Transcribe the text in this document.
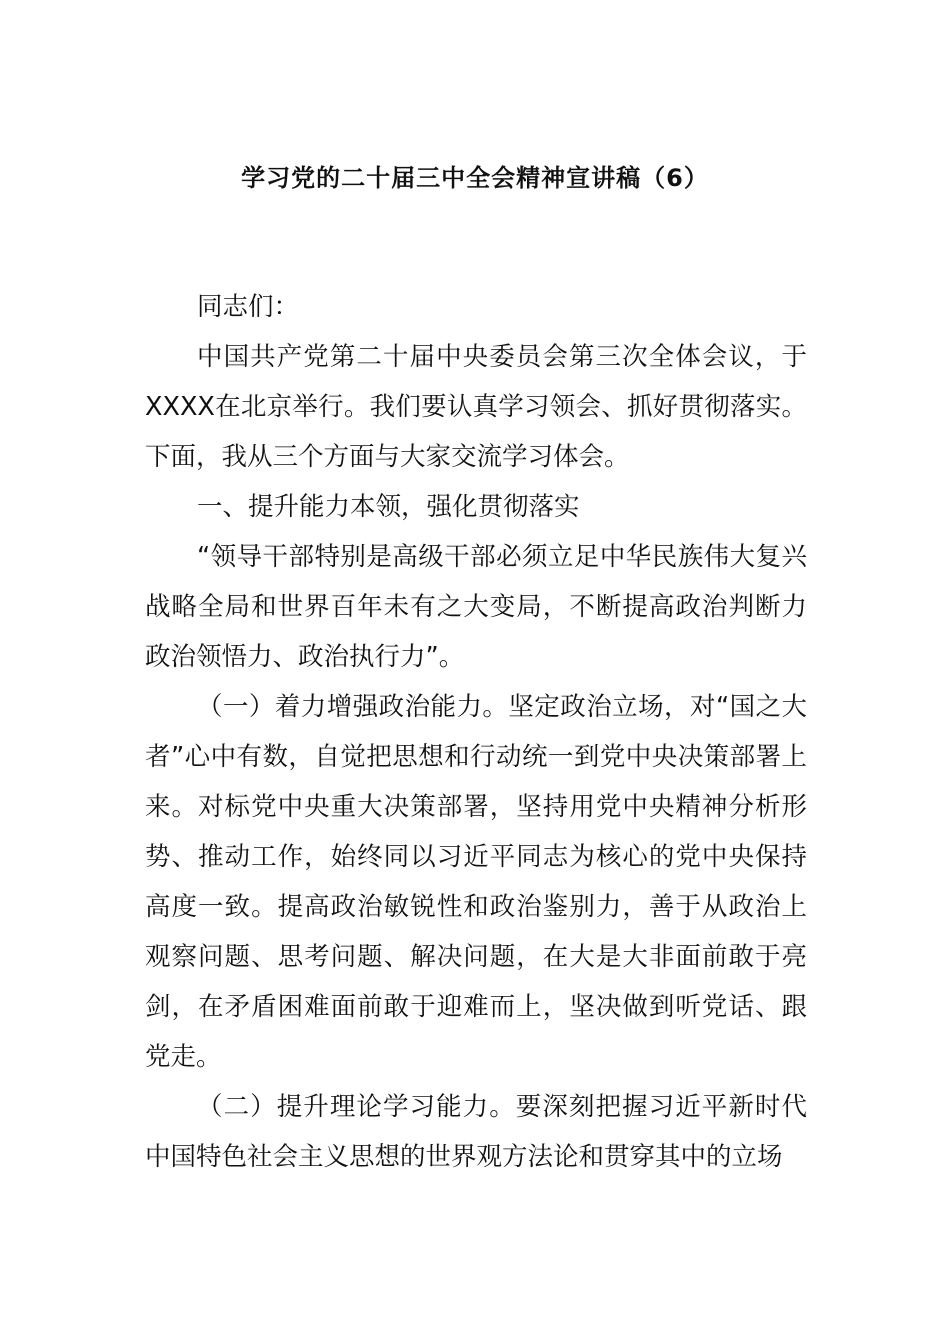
学习党的二十届三中全会精神宣讲稿（6）

同志们：

中国共产党第二十届中央委员会第三次全体会议，于XXXX在北京举行。我们要认真学习领会、抓好贯彻落实。下面，我从三个方面与大家交流学习体会。

一、提升能力本领，强化贯彻落实

“领导干部特别是高级干部必须立足中华民族伟大复兴战略全局和世界百年未有之大变局，不断提高政治判断力政治领悟力、政治执行力”。

（一）着力增强政治能力。坚定政治立场，对“国之大者”心中有数，自觉把思想和行动统一到党中央决策部署上来。对标党中央重大决策部署，坚持用党中央精神分析形势、推动工作，始终同以习近平同志为核心的党中央保持高度一致。提高政治敏锐性和政治鉴别力，善于从政治上观察问题、思考问题、解决问题，在大是大非面前敢于亮剑，在矛盾困难面前敢于迎难而上，坚决做到听党话、跟党走。

（二）提升理论学习能力。要深刻把握习近平新时代中国特色社会主义思想的世界观方法论和贯穿其中的立场
